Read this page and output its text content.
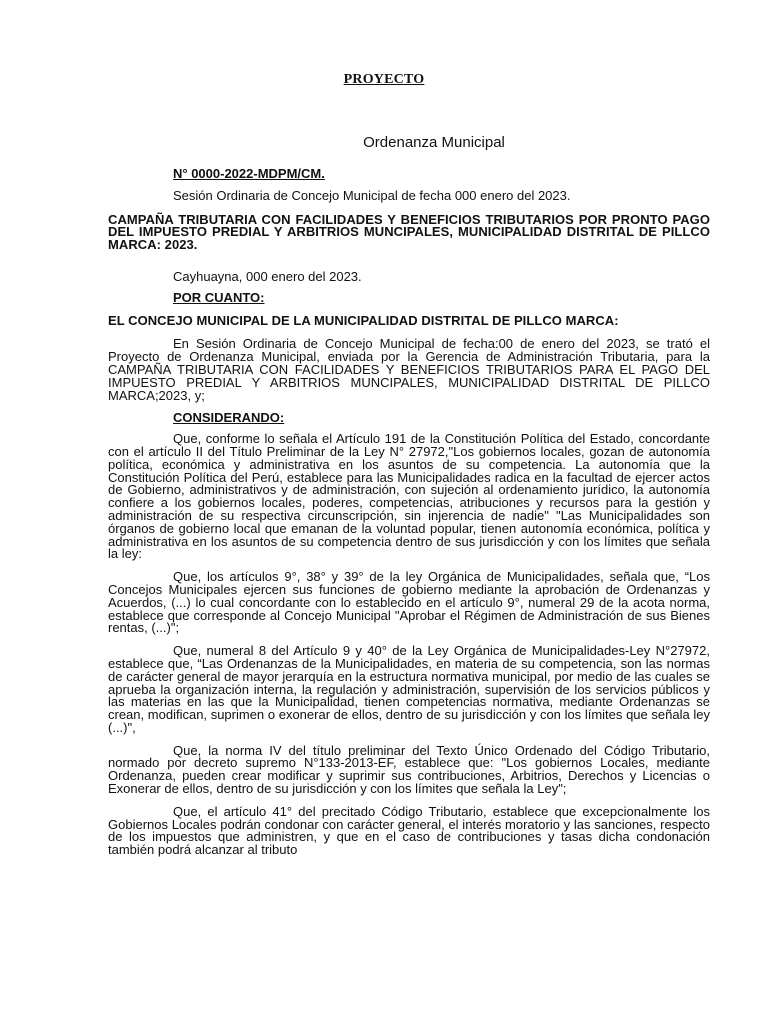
PROYECTO
Ordenanza Municipal

N° 0000-2022-MDPM/CM.

Sesión Ordinaria de Concejo Municipal de fecha 000 enero del 2023.

CAMPAÑA TRIBUTARIA CON FACILIDADES Y BENEFICIOS TRIBUTARIOS POR PRONTO PAGO DEL IMPUESTO PREDIAL Y ARBITRIOS MUNCIPALES, MUNICIPALIDAD DISTRITAL DE PILLCO MARCA: 2023.

Cayhuayna, 000 enero del 2023.

POR CUANTO:

EL CONCEJO MUNICIPAL DE LA MUNICIPALIDAD DISTRITAL DE PILLCO MARCA:

En Sesión Ordinaria de Concejo Municipal de fecha:00 de enero del 2023, se trató el Proyecto de Ordenanza Municipal, enviada por la Gerencia de Administración Tributaria, para la CAMPAÑA TRIBUTARIA CON FACILIDADES Y BENEFICIOS TRIBUTARIOS PARA EL PAGO DEL IMPUESTO PREDIAL Y ARBITRIOS MUNCIPALES, MUNICIPALIDAD DISTRITAL DE PILLCO MARCA;2023, y;

CONSIDERANDO:

Que, conforme lo señala el Artículo 191 de la Constitución Política del Estado, concordante con el artículo II del Título Preliminar de la Ley N° 27972,"Los gobiernos locales, gozan de autonomía política, económica y administrativa en los asuntos de su competencia. La autonomía que la Constitución Política del Perú, establece para las Municipalidades radica en la facultad de ejercer actos de Gobierno, administrativos y de administración, con sujeción al ordenamiento jurídico, la autonomía confiere a los gobiernos locales, poderes, competencias, atribuciones y recursos para la gestión y administración de su respectiva circunscripción, sin injerencia de nadie" "Las Municipalidades son órganos de gobierno local que emanan de la voluntad popular, tienen autonomía económica, política y administrativa en los asuntos de su competencia dentro de sus jurisdicción y con los límites que señala la ley:

Que, los artículos 9°, 38° y 39° de la ley Orgánica de Municipalidades, señala que, “Los Concejos Municipales ejercen sus funciones de gobierno mediante la aprobación de Ordenanzas y Acuerdos, (...) lo cual concordante con lo establecido en el artículo 9°, numeral 29 de la acota norma, establece que corresponde al Concejo Municipal "Aprobar el Régimen de Administración de sus Bienes rentas, (...)";

Que, numeral 8 del Artículo 9 y 40° de la Ley Orgánica de Municipalidades-Ley N°27972, establece que, “Las Ordenanzas de la Municipalidades, en materia de su competencia, son las normas de carácter general de mayor jerarquía en la estructura normativa municipal, por medio de las cuales se aprueba la organización interna, la regulación y administración, supervisión de los servicios públicos y las materias en las que la Municipalidad, tienen competencias normativa, mediante Ordenanzas se crean, modifican, suprimen o exonerar de ellos, dentro de su jurisdicción y con los límites que señala ley (...)",

Que, la norma IV del título preliminar del Texto Único Ordenado del Código Tributario, normado por decreto supremo N°133-2013-EF, establece que: "Los gobiernos Locales, mediante Ordenanza, pueden crear modificar y suprimir sus contribuciones, Arbitrios, Derechos y Licencias o Exonerar de ellos, dentro de su jurisdicción y con los límites que señala la Ley";

Que, el artículo 41° del precitado Código Tributario, establece que excepcionalmente los Gobiernos Locales podrán condonar con carácter general, el interés moratorio y las sanciones, respecto de los impuestos que administren, y que en el caso de contribuciones y tasas dicha condonación también podrá alcanzar al tributo
